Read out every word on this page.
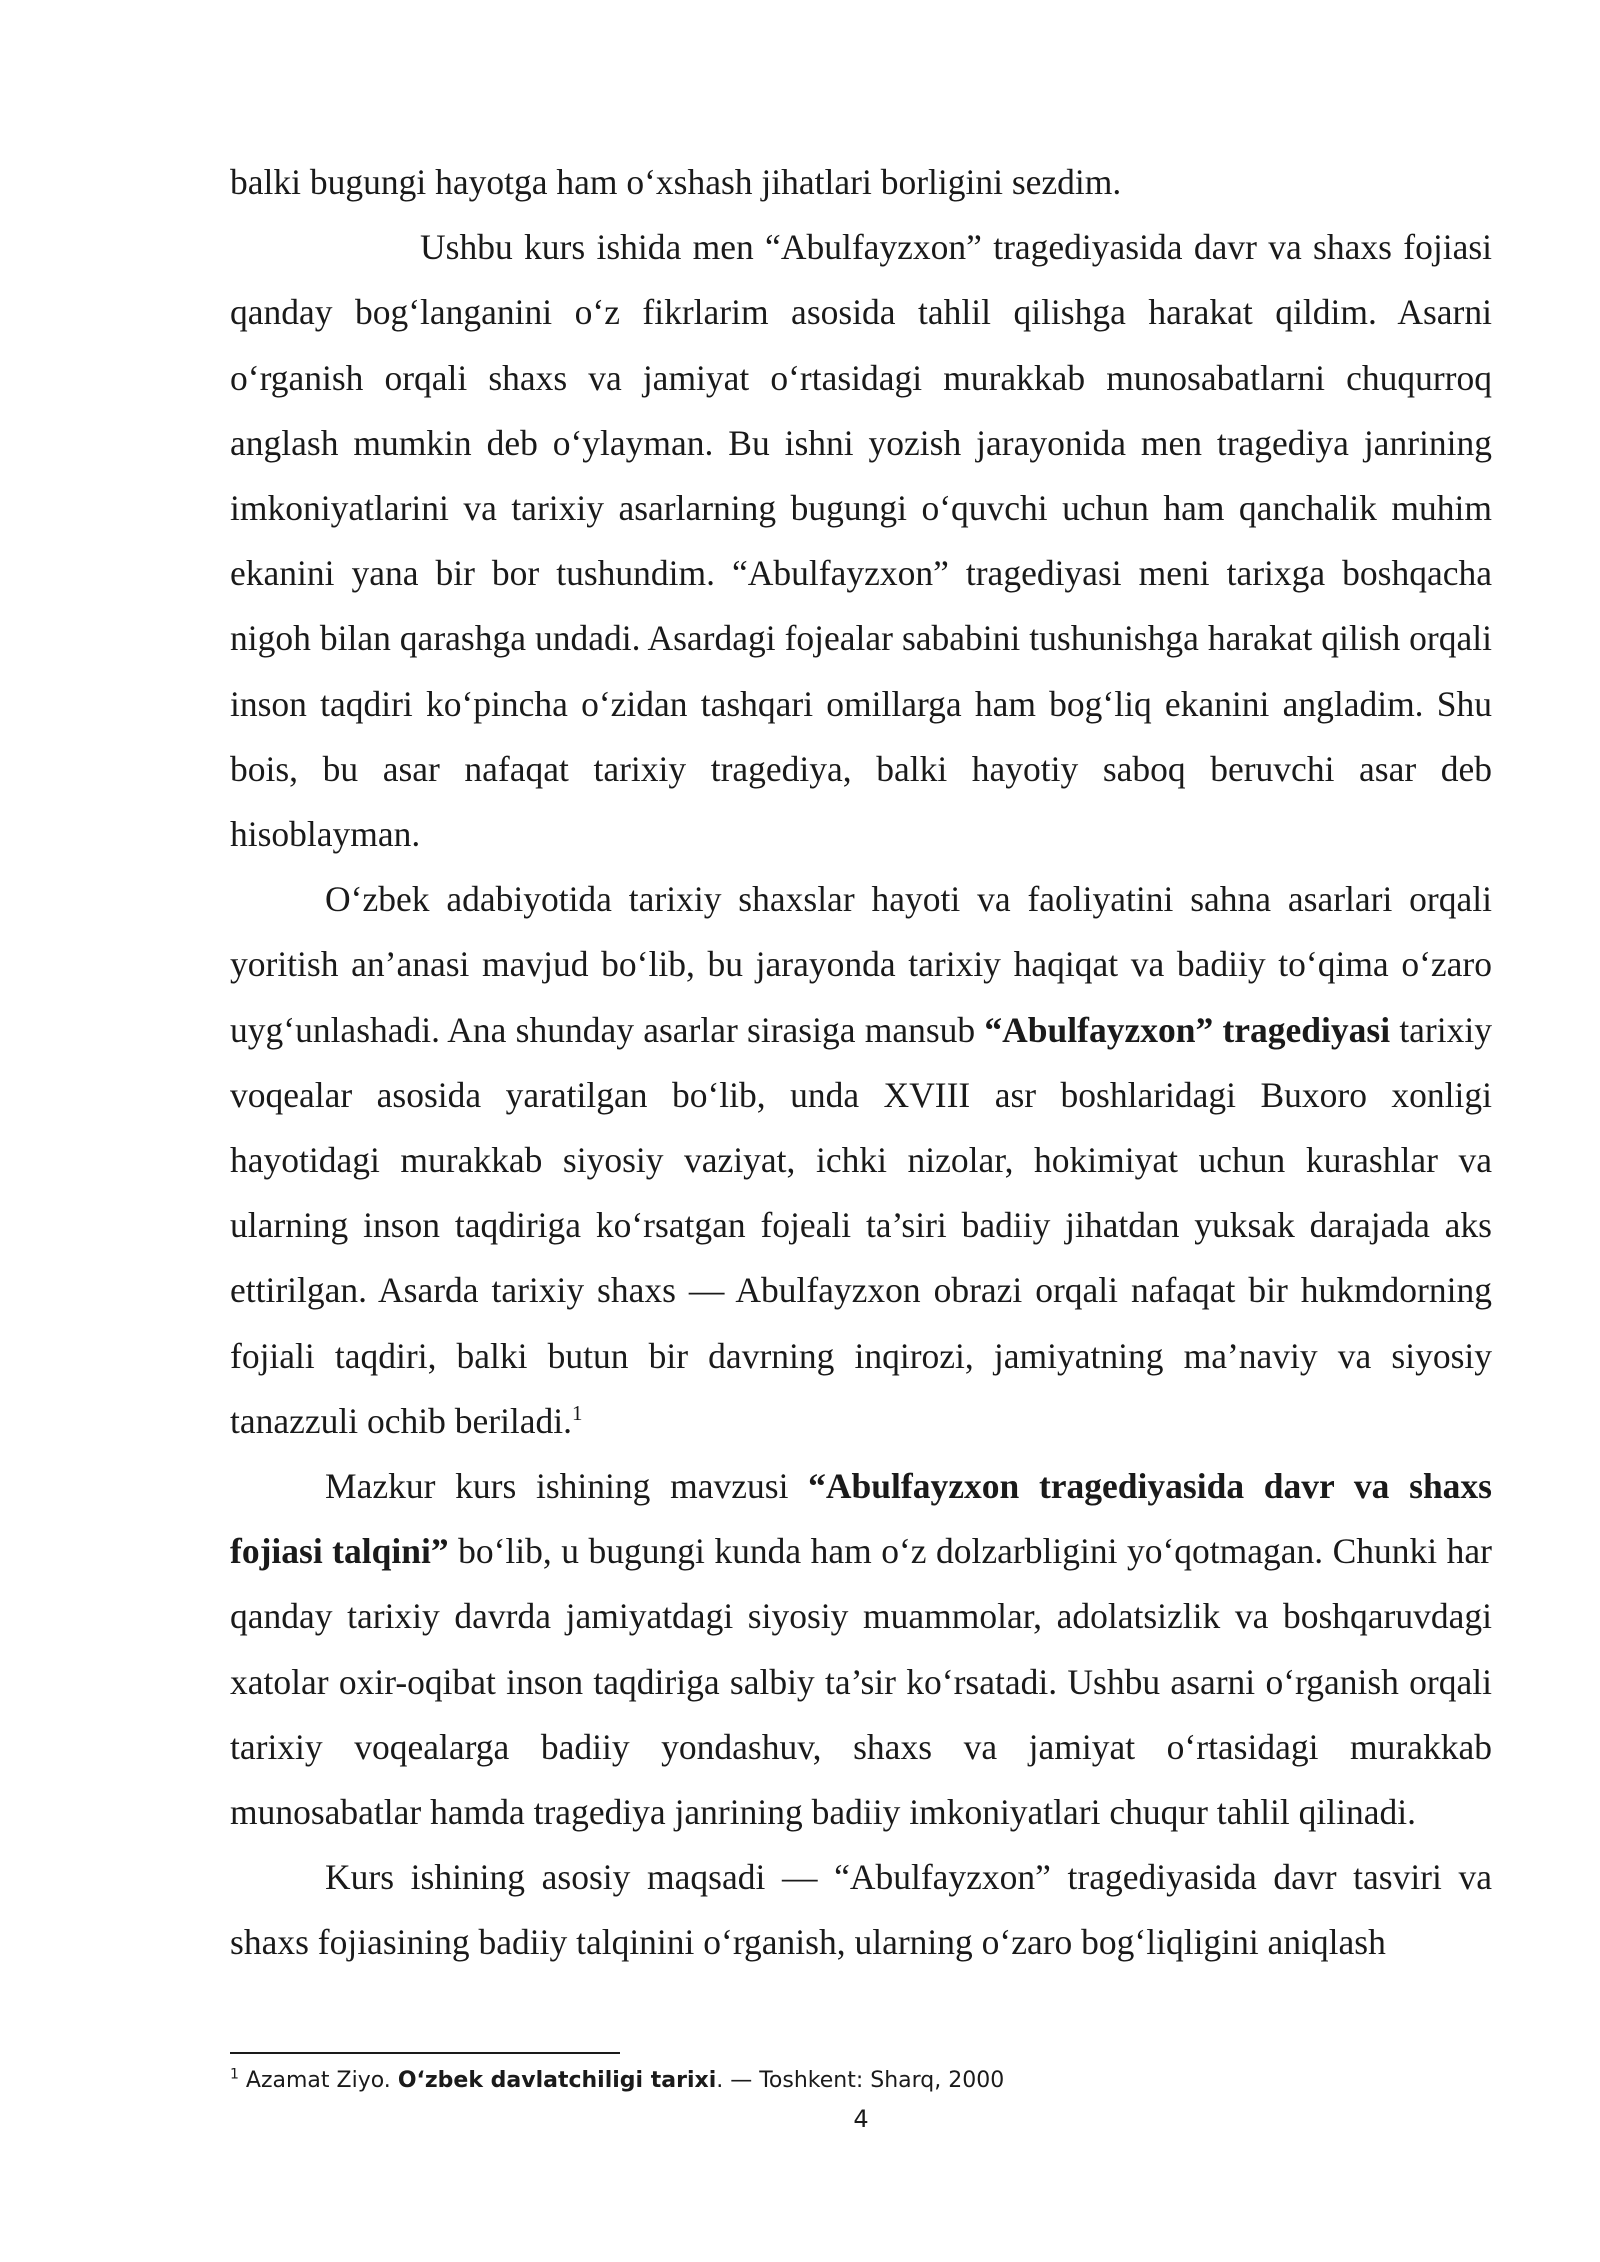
balki bugungi hayotga ham o‘xshash jihatlari borligini sezdim.

Ushbu kurs ishida men “Abulfayzxon” tragediyasida davr va shaxs fojiasi qanday bog‘langanini o‘z fikrlarim asosida tahlil qilishga harakat qildim. Asarni o‘rganish orqali shaxs va jamiyat o‘rtasidagi murakkab munosabatlarni chuqurroq anglash mumkin deb o‘ylayman. Bu ishni yozish jarayonida men tragediya janrining imkoniyatlarini va tarixiy asarlarning bugungi o‘quvchi uchun ham qanchalik muhim ekanini yana bir bor tushundim. “Abulfayzxon” tragediyasi meni tarixga boshqacha nigoh bilan qarashga undadi. Asardagi fojealar sababini tushunishga harakat qilish orqali inson taqdiri ko‘pincha o‘zidan tashqari omillarga ham bog‘liq ekanini angladim. Shu bois, bu asar nafaqat tarixiy tragediya, balki hayotiy saboq beruvchi asar deb hisoblayman.

O‘zbek adabiyotida tarixiy shaxslar hayoti va faoliyatini sahna asarlari orqali yoritish an’anasi mavjud bo‘lib, bu jarayonda tarixiy haqiqat va badiiy to‘qima o‘zaro uyg‘unlashadi. Ana shunday asarlar sirasiga mansub “Abulfayzxon” tragediyasi tarixiy voqealar asosida yaratilgan bo‘lib, unda XVIII asr boshlaridagi Buxoro xonligi hayotidagi murakkab siyosiy vaziyat, ichki nizolar, hokimiyat uchun kurashlar va ularning inson taqdiriga ko‘rsatgan fojeali ta’siri badiiy jihatdan yuksak darajada aks ettirilgan. Asarda tarixiy shaxs — Abulfayzxon obrazi orqali nafaqat bir hukmdorning fojiali taqdiri, balki butun bir davrning inqirozi, jamiyatning ma’naviy va siyosiy tanazzuli ochib beriladi.$^1$

Mazkur kurs ishining mavzusi “Abulfayzxon tragediyasida davr va shaxs fojiasi talqini” bo‘lib, u bugungi kunda ham o‘z dolzarbligini yo‘qotmagan. Chunki har qanday tarixiy davrda jamiyatdagi siyosiy muammolar, adolatsizlik va boshqaruvdagi xatolar oxir-oqibat inson taqdiriga salbiy ta’sir ko‘rsatadi. Ushbu asarni o‘rganish orqali tarixiy voqealarga badiiy yondashuv, shaxs va jamiyat o‘rtasidagi murakkab munosabatlar hamda tragediya janrining badiiy imkoniyatlari chuqur tahlil qilinadi.

Kurs ishining asosiy maqsadi — “Abulfayzxon” tragediyasida davr tasviri va shaxs fojiasining badiiy talqinini o‘rganish, ularning o‘zaro bog‘liqligini aniqlash

$^1$ Azamat Ziyo. O‘zbek davlatchiligi tarixi. — Toshkent: Sharq, 2000
4
